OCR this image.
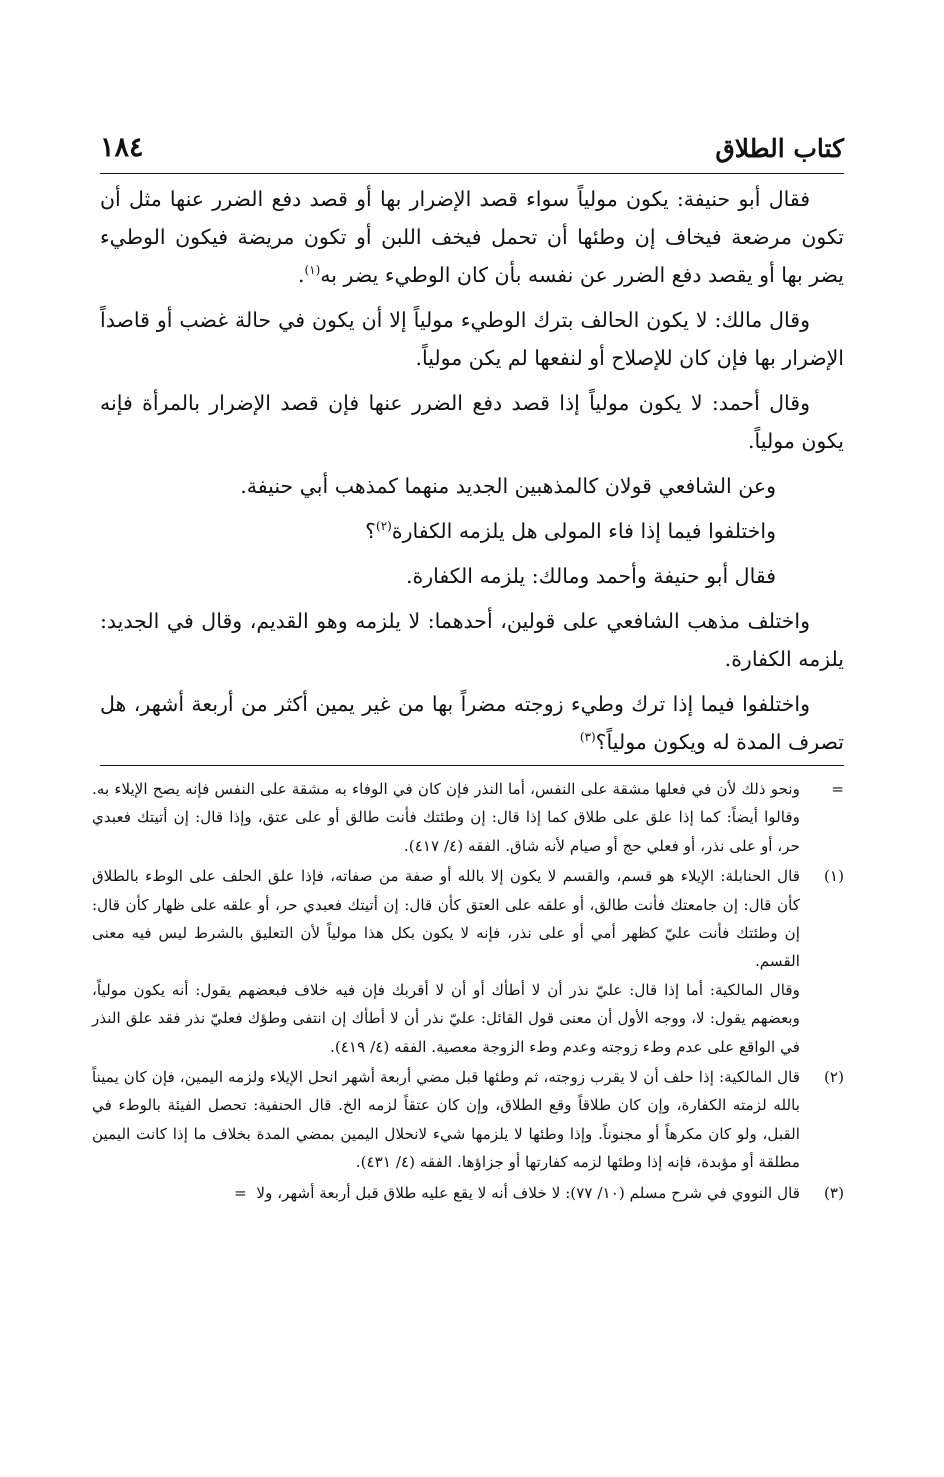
كتاب الطلاق
١٨٤

فقال أبو حنيفة: يكون مولياً سواء قصد الإضرار بها أو قصد دفع الضرر عنها مثل أن تكون مرضعة فيخاف إن وطئها أن تحمل فيخف اللبن أو تكون مريضة فيكون الوطيء يضر بها أو يقصد دفع الضرر عن نفسه بأن كان الوطيء يضر به$^{(١)}$.

وقال مالك: لا يكون الحالف بترك الوطيء مولياً إلا أن يكون في حالة غضب أو قاصداً الإضرار بها فإن كان للإصلاح أو لنفعها لم يكن مولياً.

وقال أحمد: لا يكون مولياً إذا قصد دفع الضرر عنها فإن قصد الإضرار بالمرأة فإنه يكون مولياً.

وعن الشافعي قولان كالمذهبين الجديد منهما كمذهب أبي حنيفة.

واختلفوا فيما إذا فاء المولى هل يلزمه الكفارة$^{(٢)}$؟

فقال أبو حنيفة وأحمد ومالك: يلزمه الكفارة.

واختلف مذهب الشافعي على قولين، أحدهما: لا يلزمه وهو القديم، وقال في الجديد: يلزمه الكفارة.

واختلفوا فيما إذا ترك وطيء زوجته مضراً بها من غير يمين أكثر من أربعة أشهر، هل تصرف المدة له ويكون مولياً؟$^{(٣)}$

=

ونحو ذلك لأن في فعلها مشقة على النفس، أما النذر فإن كان في الوفاء به مشقة على النفس فإنه يصح الإيلاء به. وقالوا أيضاً: كما إذا علق على طلاق كما إذا قال: إن وطئتك فأنت طالق أو على عتق، وإذا قال: إن أتيتك فعبدي حر، أو على نذر، أو فعلي حج أو صيام لأنه شاق. الفقه (٤/ ٤١٧).

(١)

قال الحنابلة: الإيلاء هو قسم، والقسم لا يكون إلا بالله أو صفة من صفاته، فإذا علق الحلف على الوطء بالطلاق كأن قال: إن جامعتك فأنت طالق، أو علقه على العتق كأن قال: إن أتيتك فعبدي حر، أو علقه على ظهار كأن قال: إن وطئتك فأنت عليّ كظهر أمي أو على نذر، فإنه لا يكون بكل هذا مولياً لأن التعليق بالشرط ليس فيه معنى القسم.

وقال المالكية: أما إذا قال: عليّ نذر أن لا أطأك أو أن لا أقربك فإن فيه خلاف فبعضهم يقول: أنه يكون مولياً، وبعضهم يقول: لا، ووجه الأول أن معنى قول القائل: عليّ نذر أن لا أطأك إن انتفى وطؤك فعليّ نذر فقد علق النذر في الواقع على عدم وطء زوجته وعدم وطء الزوجة معصية. الفقه (٤/ ٤١٩).

(٢)

قال المالكية: إذا حلف أن لا يقرب زوجته، ثم وطئها قبل مضي أربعة أشهر انحل الإيلاء ولزمه اليمين، فإن كان يميناً بالله لزمته الكفارة، وإن كان طلاقاً وقع الطلاق، وإن كان عتقاً لزمه الخ. قال الحنفية: تحصل الفيئة بالوطء في القبل، ولو كان مكرهاً أو مجنوناً. وإذا وطئها لا يلزمها شيء لانحلال اليمين بمضي المدة بخلاف ما إذا كانت اليمين مطلقة أو مؤبدة، فإنه إذا وطئها لزمه كفارتها أو جزاؤها. الفقه (٤/ ٤٣١).

(٣)

قال النووي في شرح مسلم (١٠/ ٧٧): لا خلاف أنه لا يقع عليه طلاق قبل أربعة أشهر، ولا  =
